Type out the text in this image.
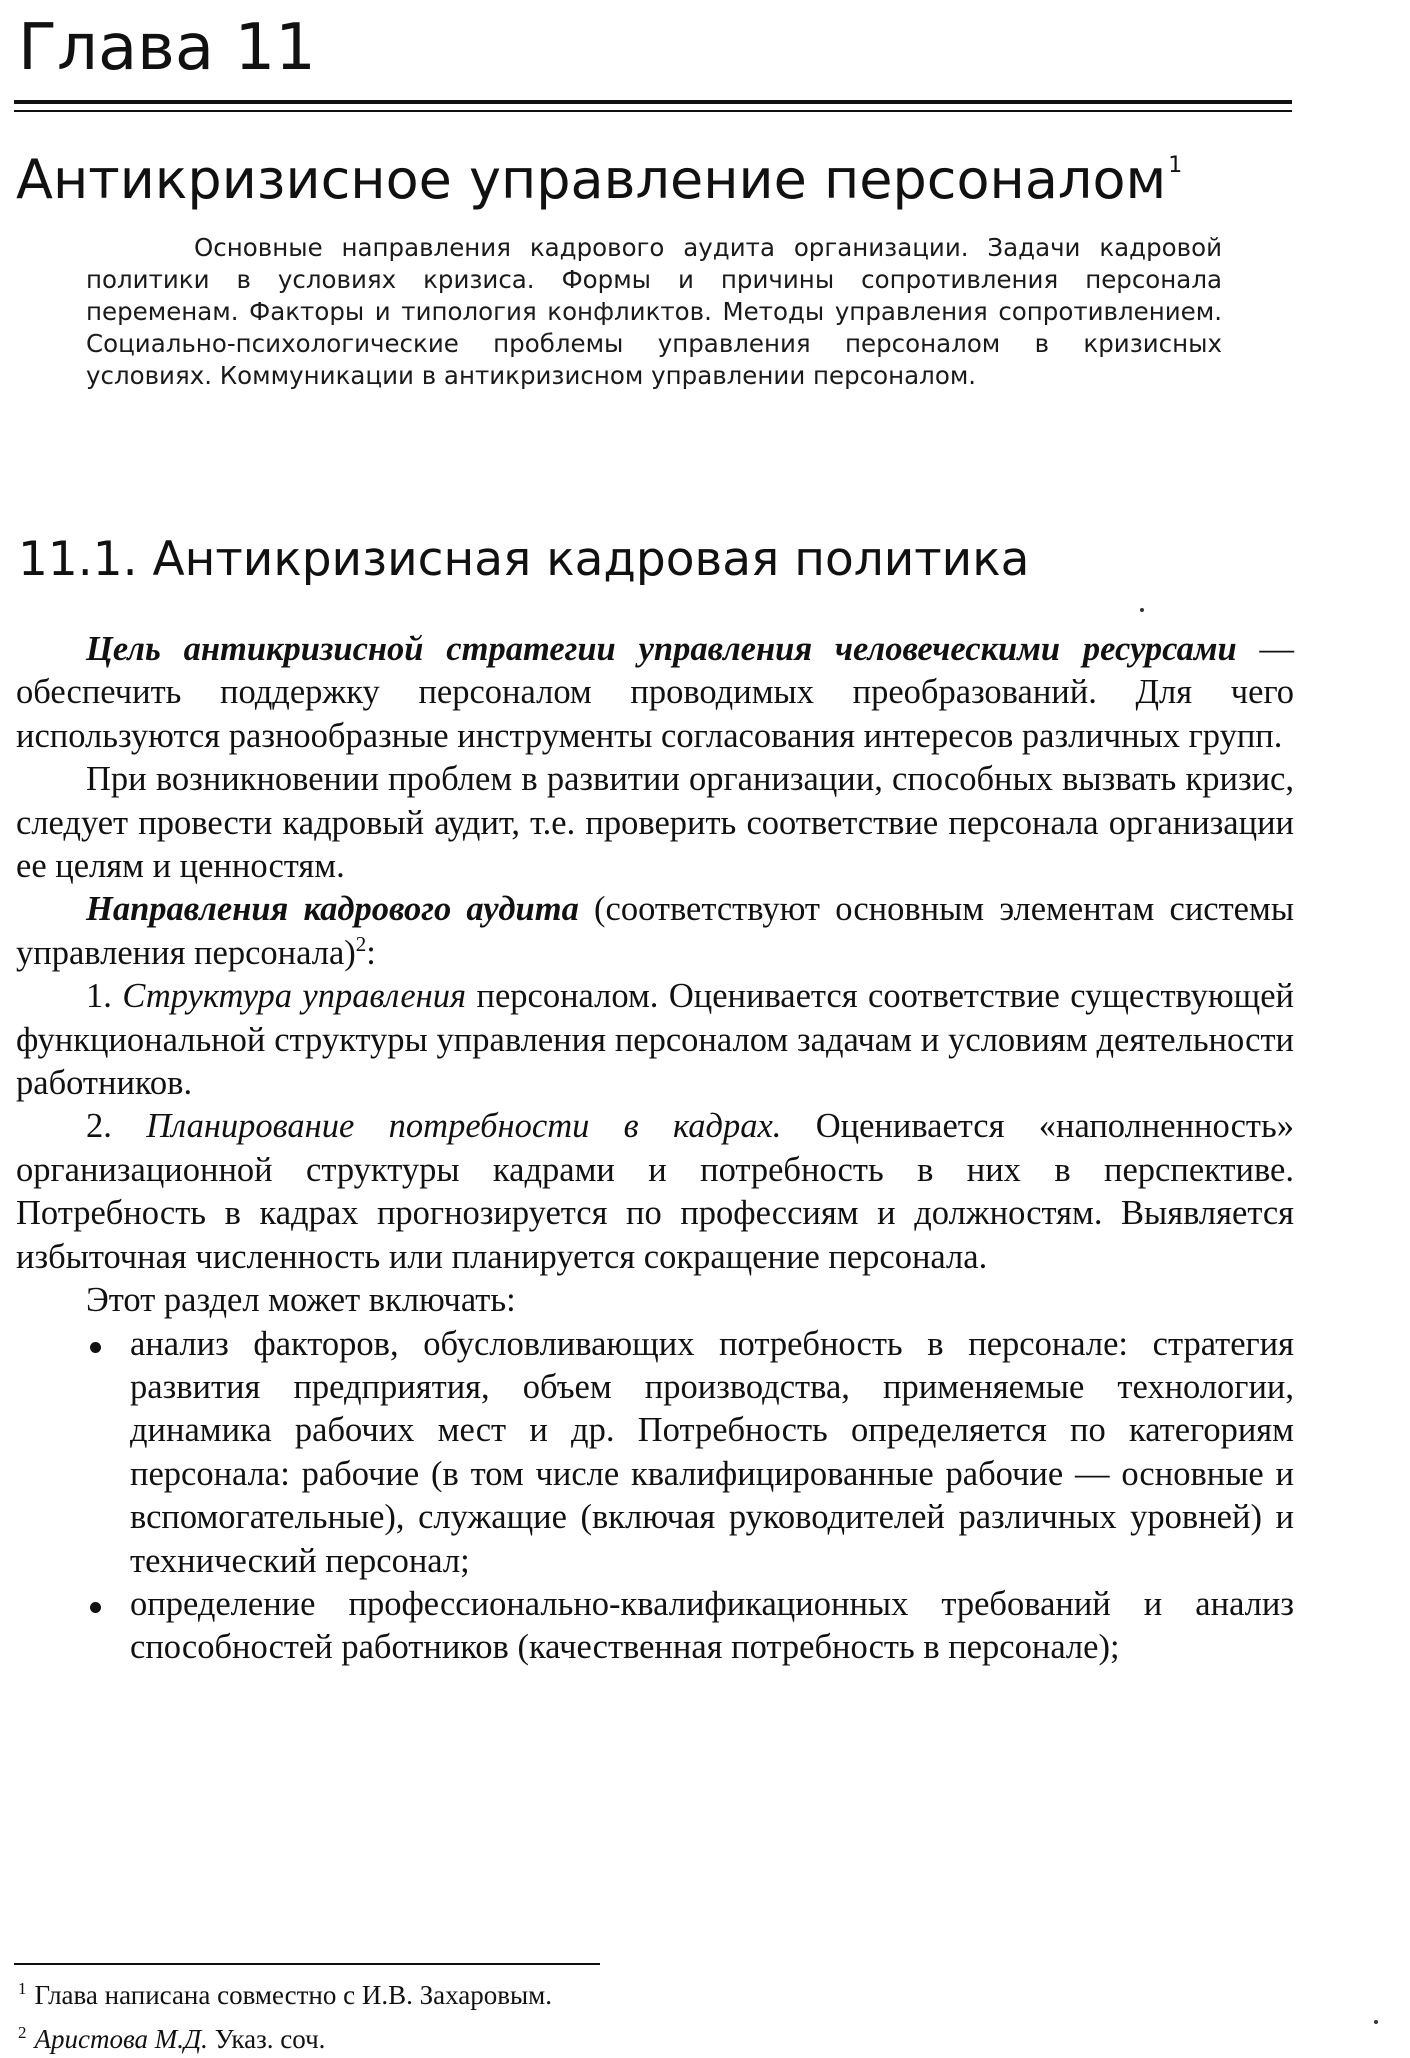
Глава 11
Антикризисное управление персоналом$^1$
Основные направления кадрового аудита организации. Задачи кадровой политики в условиях кризиса. Формы и причины сопротивления персонала переменам. Факторы и типология конфликтов. Методы управления сопротивлением. Социально-психологические проблемы управления персоналом в кризисных условиях. Коммуникации в антикризисном управлении персоналом.
11.1. Антикризисная кадровая политика

Цель антикризисной стратегии управления человеческими ресурсами — обеспечить поддержку персоналом проводимых преобразований. Для чего используются разнообразные инструменты согласования интересов различных групп.

При возникновении проблем в развитии организации, способных вызвать кризис, следует провести кадровый аудит, т.е. проверить соответствие персонала организации ее целям и ценностям.

Направления кадрового аудита (соответствуют основным элементам системы управления персонала)$^2$:

1. Структура управления персоналом. Оценивается соответствие существующей функциональной структуры управления персоналом задачам и условиям деятельности работников.

2. Планирование потребности в кадрах. Оценивается «наполненность» организационной структуры кадрами и потребность в них в перспективе. Потребность в кадрах прогнозируется по профессиям и должностям. Выявляется избыточная численность или планируется сокращение персонала.

Этот раздел может включать:

анализ факторов, обусловливающих потребность в персонале: стратегия развития предприятия, объем производства, применяемые технологии, динамика рабочих мест и др. Потребность определяется по категориям персонала: рабочие (в том числе квалифицированные рабочие — основные и вспомогательные), служащие (включая руководителей различных уровней) и технический персонал;
определение профессионально-квалификационных требований и анализ способностей работников (качественная потребность в персонале);
$^1$ Глава написана совместно с И.В. Захаровым.
$^2$ Аристова М.Д. Указ. соч.
